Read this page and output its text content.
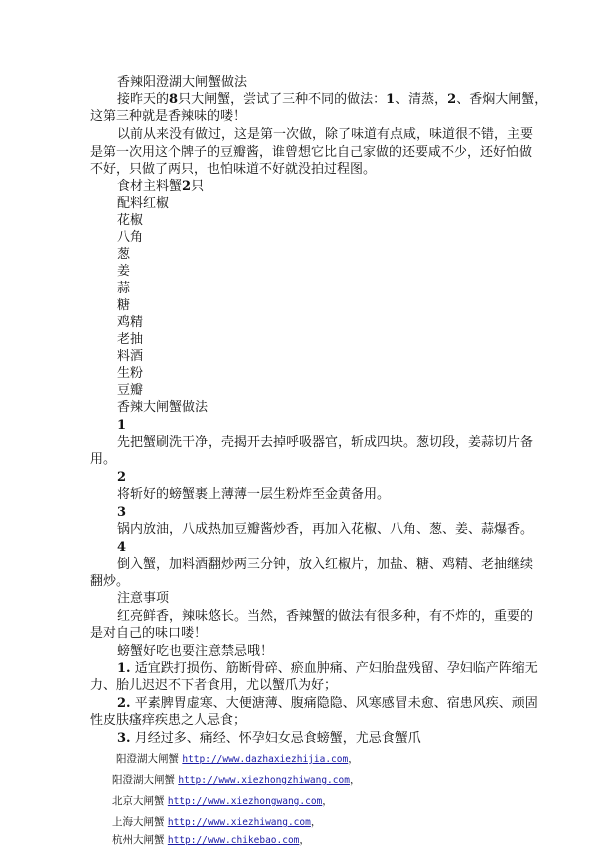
香辣阳澄湖大闸蟹做法
接昨天的8只大闸蟹，尝试了三种不同的做法：1、清蒸，2、香焖大闸蟹，
这第三种就是香辣味的喽！
以前从来没有做过，这是第一次做，除了味道有点咸，味道很不错，主要
是第一次用这个牌子的豆瓣酱，谁曾想它比自己家做的还要咸不少，还好怕做
不好，只做了两只，也怕味道不好就没拍过程图。
食材主料蟹2只
配料红椒
花椒
八角
葱
姜
蒜
糖
鸡精
老抽
料酒
生粉
豆瓣
香辣大闸蟹做法
1
先把蟹刷洗干净，壳揭开去掉呼吸器官，斩成四块。葱切段，姜蒜切片备
用。
2
将斩好的螃蟹裹上薄薄一层生粉炸至金黄备用。
3
锅内放油，八成热加豆瓣酱炒香，再加入花椒、八角、葱、姜、蒜爆香。
4
倒入蟹，加料酒翻炒两三分钟，放入红椒片，加盐、糖、鸡精、老抽继续
翻炒。
注意事项
红亮鲜香，辣味悠长。当然，香辣蟹的做法有很多种，有不炸的，重要的
是对自己的味口喽！
螃蟹好吃也要注意禁忌哦！
1. 适宜跌打损伤、筋断骨碎、瘀血肿痛、产妇胎盘残留、孕妇临产阵缩无
力、胎儿迟迟不下者食用，尤以蟹爪为好；
2. 平素脾胃虚寒、大便溏薄、腹痛隐隐、风寒感冒未愈、宿患风疾、顽固
性皮肤瘙痒疾患之人忌食；
3. 月经过多、痛经、怀孕妇女忌食螃蟹，尤忌食蟹爪
阳澄湖大闸蟹 http://www.dazhaxiezhijia.com，
阳澄湖大闸蟹 http://www.xiezhongzhiwang.com，
北京大闸蟹 http://www.xiezhongwang.com，
上海大闸蟹 http://www.xiezhiwang.com，
杭州大闸蟹 http://www.chikebao.com，
